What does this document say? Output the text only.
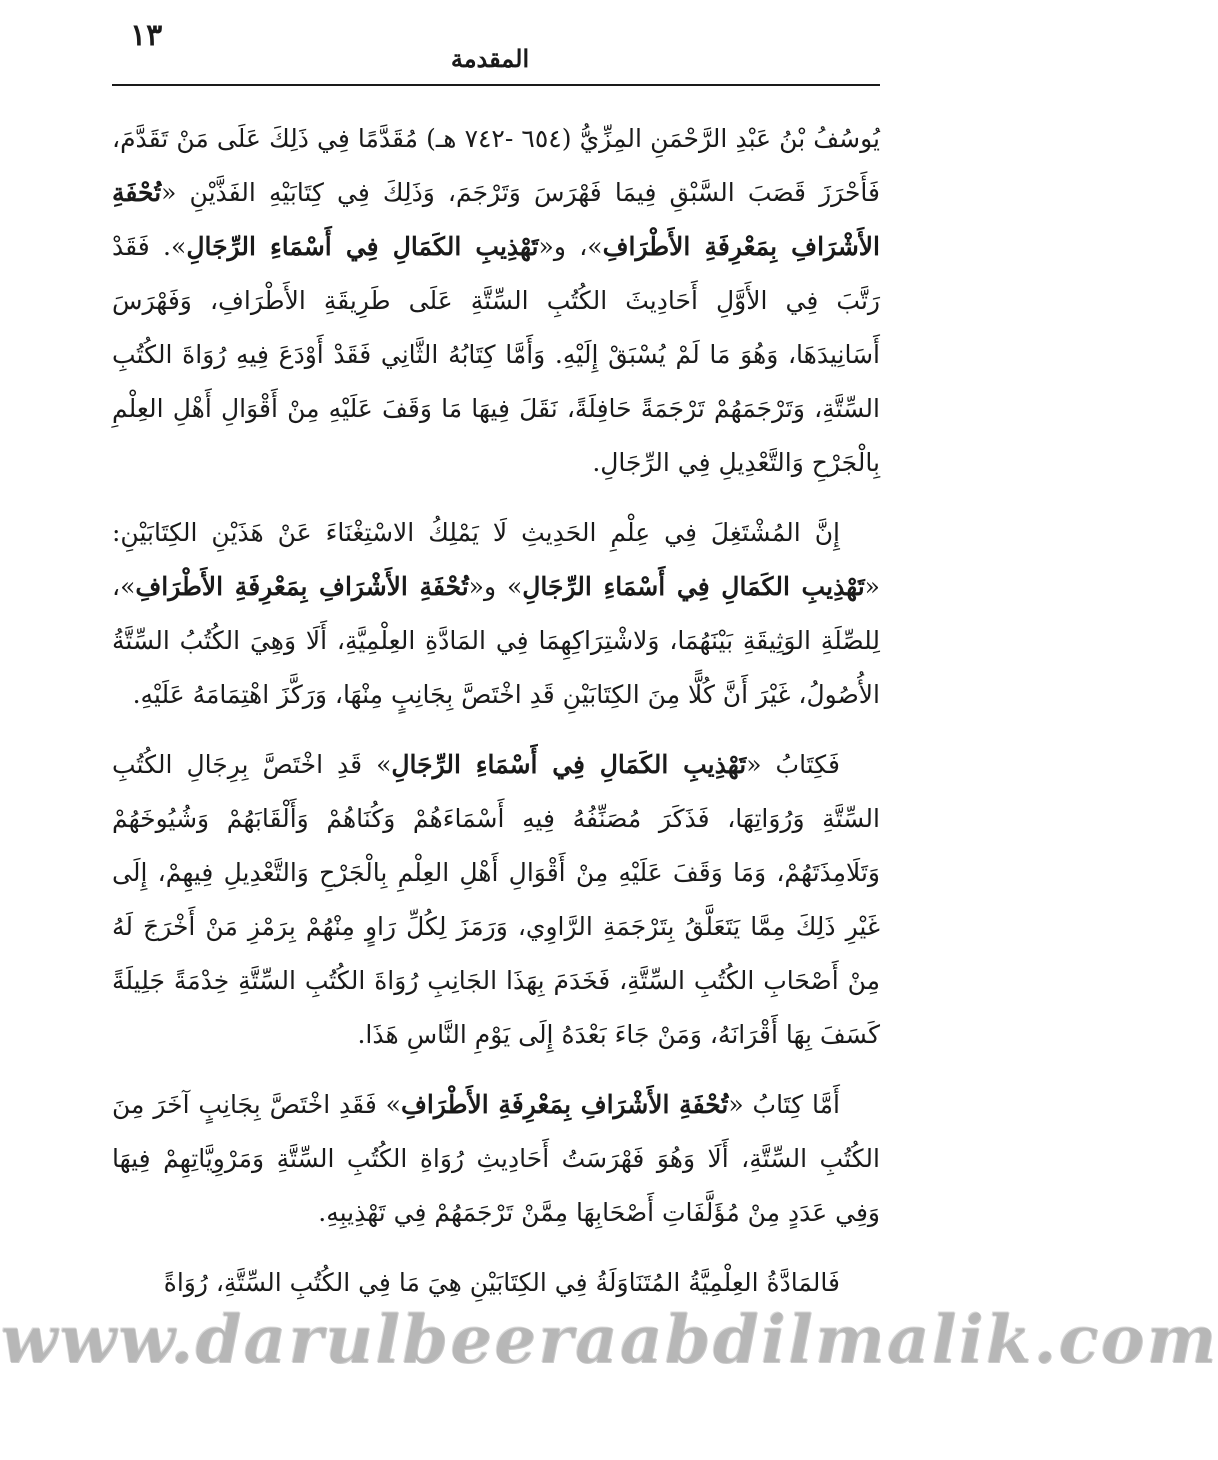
١٣
المقدمة

يُوسُفُ بْنُ عَبْدِ الرَّحْمَنِ المِزِّيُّ (٦٥٤ -٧٤٢ هـ) مُقَدَّمًا فِي ذَلِكَ عَلَى مَنْ تَقَدَّمَ، فَأَحْرَزَ قَصَبَ السَّبْقِ فِيمَا فَهْرَسَ وَتَرْجَمَ، وَذَلِكَ فِي كِتَابَيْهِ الفَذَّيْنِ «تُحْفَةِ الأَشْرَافِ بِمَعْرِفَةِ الأَطْرَافِ»، و«تَهْذِيبِ الكَمَالِ فِي أَسْمَاءِ الرِّجَالِ». فَقَدْ رَتَّبَ فِي الأَوَّلِ أَحَادِيثَ الكُتُبِ السِّتَّةِ عَلَى طَرِيقَةِ الأَطْرَافِ، وَفَهْرَسَ أَسَانِيدَهَا، وَهُوَ مَا لَمْ يُسْبَقْ إِلَيْهِ. وَأَمَّا كِتَابُهُ الثَّانِي فَقَدْ أَوْدَعَ فِيهِ رُوَاةَ الكُتُبِ السِّتَّةِ، وَتَرْجَمَهُمْ تَرْجَمَةً حَافِلَةً، نَقَلَ فِيهَا مَا وَقَفَ عَلَيْهِ مِنْ أَقْوَالِ أَهْلِ العِلْمِ بِالْجَرْحِ وَالتَّعْدِيلِ فِي الرِّجَالِ.

إِنَّ المُشْتَغِلَ فِي عِلْمِ الحَدِيثِ لَا يَمْلِكُ الاسْتِغْنَاءَ عَنْ هَذَيْنِ الكِتَابَيْنِ: «تَهْذِيبِ الكَمَالِ فِي أَسْمَاءِ الرِّجَالِ» و«تُحْفَةِ الأَشْرَافِ بِمَعْرِفَةِ الأَطْرَافِ»، لِلصِّلَةِ الوَثِيقَةِ بَيْنَهُمَا، وَلاشْتِرَاكِهِمَا فِي المَادَّةِ العِلْمِيَّةِ، أَلَا وَهِيَ الكُتُبُ السِّتَّةُ الأُصُولُ، غَيْرَ أَنَّ كُلًّا مِنَ الكِتَابَيْنِ قَدِ اخْتَصَّ بِجَانِبٍ مِنْهَا، وَرَكَّزَ اهْتِمَامَهُ عَلَيْهِ.

فَكِتَابُ «تَهْذِيبِ الكَمَالِ فِي أَسْمَاءِ الرِّجَالِ» قَدِ اخْتَصَّ بِرِجَالِ الكُتُبِ السِّتَّةِ وَرُوَاتِهَا، فَذَكَرَ مُصَنِّفُهُ فِيهِ أَسْمَاءَهُمْ وَكُنَاهُمْ وَأَلْقَابَهُمْ وَشُيُوخَهُمْ وَتَلَامِذَتَهُمْ، وَمَا وَقَفَ عَلَيْهِ مِنْ أَقْوَالِ أَهْلِ العِلْمِ بِالْجَرْحِ وَالتَّعْدِيلِ فِيهِمْ، إِلَى غَيْرِ ذَلِكَ مِمَّا يَتَعَلَّقُ بِتَرْجَمَةِ الرَّاوِي، وَرَمَزَ لِكُلِّ رَاوٍ مِنْهُمْ بِرَمْزِ مَنْ أَخْرَجَ لَهُ مِنْ أَصْحَابِ الكُتُبِ السِّتَّةِ، فَخَدَمَ بِهَذَا الجَانِبِ رُوَاةَ الكُتُبِ السِّتَّةِ خِدْمَةً جَلِيلَةً كَسَفَ بِهَا أَقْرَانَهُ، وَمَنْ جَاءَ بَعْدَهُ إِلَى يَوْمِ النَّاسِ هَذَا.

أَمَّا كِتَابُ «تُحْفَةِ الأَشْرَافِ بِمَعْرِفَةِ الأَطْرَافِ» فَقَدِ اخْتَصَّ بِجَانِبٍ آخَرَ مِنَ الكُتُبِ السِّتَّةِ، أَلَا وَهُوَ فَهْرَسَتُ أَحَادِيثِ رُوَاةِ الكُتُبِ السِّتَّةِ وَمَرْوِيَّاتِهِمْ فِيهَا وَفِي عَدَدٍ مِنْ مُؤَلَّفَاتِ أَصْحَابِهَا مِمَّنْ تَرْجَمَهُمْ فِي تَهْذِيبِهِ.

فَالمَادَّةُ العِلْمِيَّةُ المُتَنَاوَلَةُ فِي الكِتَابَيْنِ هِيَ مَا فِي الكُتُبِ السِّتَّةِ، رُوَاةً

www.darulbeeraabdilmalik.com
